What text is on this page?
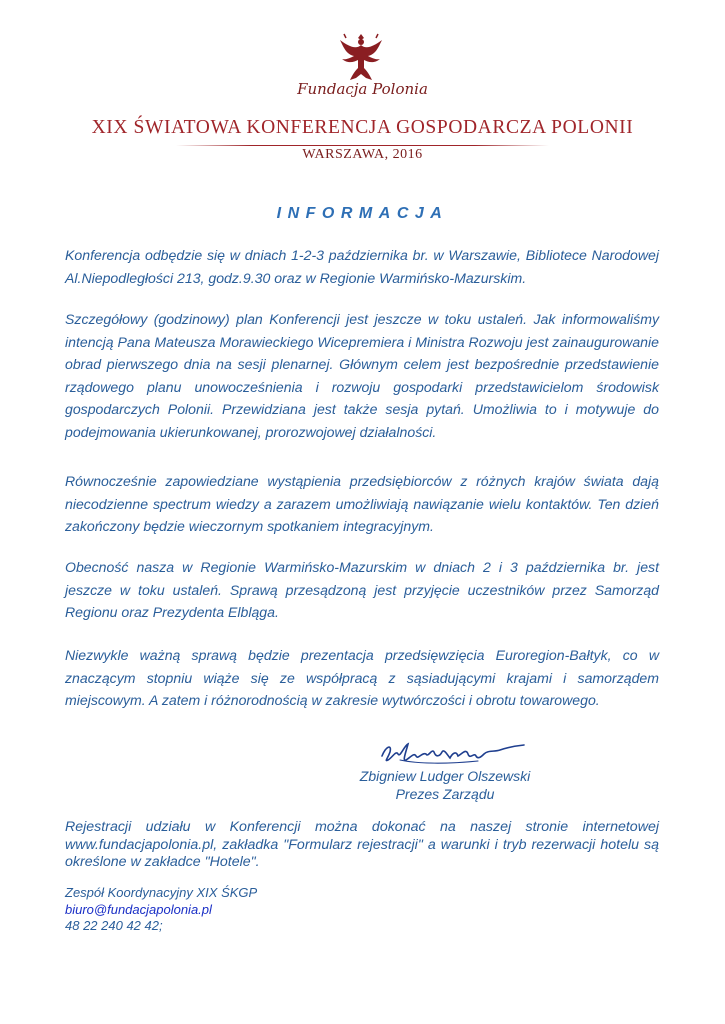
Fundacja Polonia
XIX ŚWIATOWA KONFERENCJA GOSPODARCZA POLONII
WARSZAWA, 2016
INFORMACJA

Konferencja odbędzie się w dniach 1-2-3 października br. w Warszawie, Bibliotece Narodowej Al.Niepodległości 213, godz.9.30 oraz w Regionie Warmińsko-Mazurskim.

Szczegółowy (godzinowy) plan Konferencji jest jeszcze w toku ustaleń. Jak informowaliśmy intencją Pana Mateusza Morawieckiego Wicepremiera i Ministra Rozwoju jest zainaugurowanie obrad pierwszego dnia na sesji plenarnej. Głównym celem jest bezpośrednie przedstawienie rządowego planu unowocześnienia i rozwoju gospodarki przedstawicielom środowisk gospodarczych Polonii. Przewidziana jest także sesja pytań. Umożliwia to i motywuje do podejmowania ukierunkowanej, prorozwojowej działalności.

Równocześnie zapowiedziane wystąpienia przedsiębiorców z różnych krajów świata dają niecodzienne spectrum wiedzy a zarazem umożliwiają nawiązanie wielu kontaktów. Ten dzień zakończony będzie wieczornym spotkaniem integracyjnym.

Obecność nasza w Regionie Warmińsko-Mazurskim w dniach 2 i 3 października br. jest jeszcze w toku ustaleń. Sprawą przesądzoną jest przyjęcie uczestników przez Samorząd Regionu oraz Prezydenta Elbląga.

Niezwykle ważną sprawą będzie prezentacja przedsięwzięcia Euroregion-Bałtyk, co w znaczącym stopniu wiąże się ze współpracą z sąsiadującymi krajami i samorządem miejscowym. A zatem i różnorodnością w zakresie wytwórczości i obrotu towarowego.

Zbigniew Ludger Olszewski
Prezes Zarządu

Rejestracji udziału w Konferencji można dokonać na naszej stronie internetowej www.fundacjapolonia.pl, zakładka "Formularz rejestracji" a warunki i tryb rezerwacji hotelu są określone w zakładce "Hotele".

Zespół Koordynacyjny XIX ŚKGP
biuro@fundacjapolonia.pl
48 22 240 42 42;
